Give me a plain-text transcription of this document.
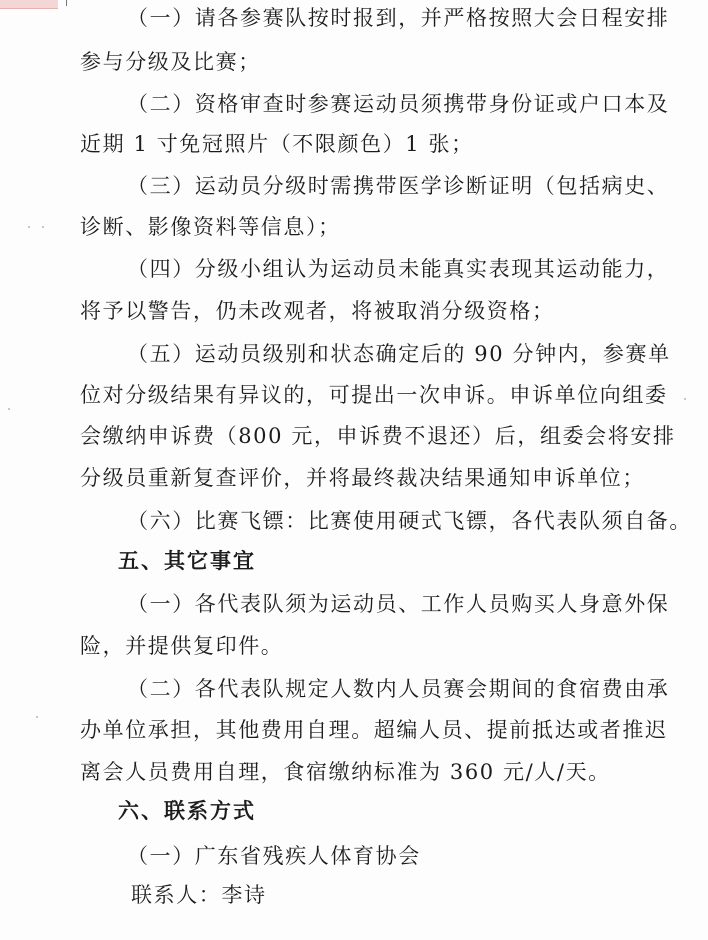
（一）请各参赛队按时报到，并严格按照大会日程安排
参与分级及比赛；
（二）资格审查时参赛运动员须携带身份证或户口本及
近期 1 寸免冠照片（不限颜色）1 张；
（三）运动员分级时需携带医学诊断证明（包括病史、
诊断、影像资料等信息）；
（四）分级小组认为运动员未能真实表现其运动能力，
将予以警告，仍未改观者，将被取消分级资格；
（五）运动员级别和状态确定后的 90 分钟内，参赛单
位对分级结果有异议的，可提出一次申诉。申诉单位向组委
会缴纳申诉费（800 元，申诉费不退还）后，组委会将安排
分级员重新复查评价，并将最终裁决结果通知申诉单位；
（六）比赛飞镖：比赛使用硬式飞镖，各代表队须自备。
五、其它事宜
（一）各代表队须为运动员、工作人员购买人身意外保
险，并提供复印件。
（二）各代表队规定人数内人员赛会期间的食宿费由承
办单位承担，其他费用自理。超编人员、提前抵达或者推迟
离会人员费用自理，食宿缴纳标准为 360 元/人/天。
六、联系方式
（一）广东省残疾人体育协会
联系人：李诗
